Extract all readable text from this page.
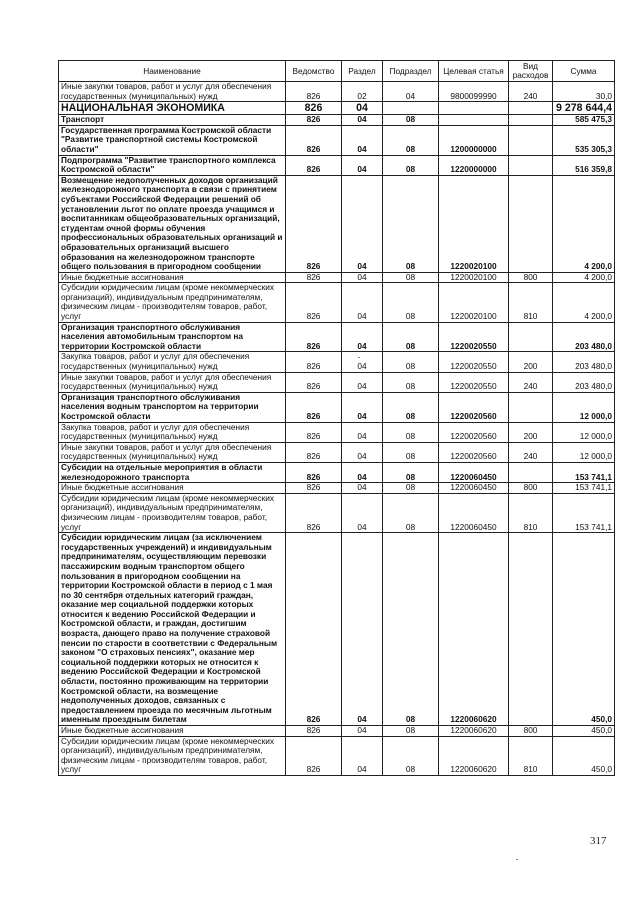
Наименование	Ведомство	Раздел	Подраздел	Целевая статья	Вид расходов	Сумма
Иные закупки товаров, работ и услуг для обеспечения государственных (муниципальных) нужд	826	02	04	9800099990	240	30,0
НАЦИОНАЛЬНАЯ ЭКОНОМИКА	826	04				9 278 644,4
Транспорт	826	04	08			585 475,3
Государственная программа Костромской области "Развитие транспортной системы Костромской области"	826	04	08	1200000000		535 305,3
Подпрограмма "Развитие транспортного комплекса Костромской области"	826	04	08	1220000000		516 359,8
Возмещение недополученных доходов организаций железнодорожного транспорта в связи с принятием субъектами Российской Федерации решений об установлении льгот по оплате проезда учащимся и воспитанникам общеобразовательных организаций, студентам очной формы обучения профессиональных образовательных организаций и образовательных организаций высшего образования на железнодорожном транспорте общего пользования в пригородном сообщении	826	04	08	1220020100		4 200,0
Иные бюджетные ассигнования	826	04	08	1220020100	800	4 200,0
Субсидии юридическим лицам (кроме некоммерческих организаций), индивидуальным предпринимателям, физическим лицам - производителям товаров, работ, услуг	826	04	08	1220020100	810	4 200,0
Организация транспортного обслуживания населения автомобильным транспортом на территории Костромской области	826	04	08	1220020550		203 480,0
Закупка товаров, работ и услуг для обеспечения государственных (муниципальных) нужд	826	04	08	1220020550	200	203 480,0
Иные закупки товаров, работ и услуг для обеспечения государственных (муниципальных) нужд	826	04	08	1220020550	240	203 480,0
Организация транспортного обслуживания населения водным транспортом на территории Костромской области	826	04	08	1220020560		12 000,0
Закупка товаров, работ и услуг для обеспечения государственных (муниципальных) нужд	826	04	08	1220020560	200	12 000,0
Иные закупки товаров, работ и услуг для обеспечения государственных (муниципальных) нужд	826	04	08	1220020560	240	12 000,0
Субсидии на отдельные мероприятия в области железнодорожного транспорта	826	04	08	1220060450		153 741,1
Иные бюджетные ассигнования	826	04	08	1220060450	800	153 741,1
Субсидии юридическим лицам (кроме некоммерческих организаций), индивидуальным предпринимателям, физическим лицам - производителям товаров, работ, услуг	826	04	08	1220060450	810	153 741,1
Субсидии юридическим лицам (за исключением государственных учреждений) и индивидуальным предпринимателям, осуществляющим перевозки пассажирским водным транспортом общего пользования в пригородном сообщении на территории Костромской области в период с 1 мая по 30 сентября отдельных категорий граждан, оказание мер социальной поддержки которых относится к ведению Российской Федерации и Костромской области, и граждан, достигшим возраста, дающего право на получение страховой пенсии по старости в соответствии с Федеральным законом "О страховых пенсиях", оказание мер социальной поддержки которых не относится к ведению Российской Федерации и Костромской области, постоянно проживающим на территории Костромской области, на возмещение недополученных доходов, связанных с предоставлением проезда по месячным льготным именным проездным билетам	826	04	08	1220060620		450,0
Иные бюджетные ассигнования	826	04	08	1220060620	800	450,0
Субсидии юридическим лицам (кроме некоммерческих организаций), индивидуальным предпринимателям, физическим лицам - производителям товаров, работ, услуг	826	04	08	1220060620	810	450,0
317
